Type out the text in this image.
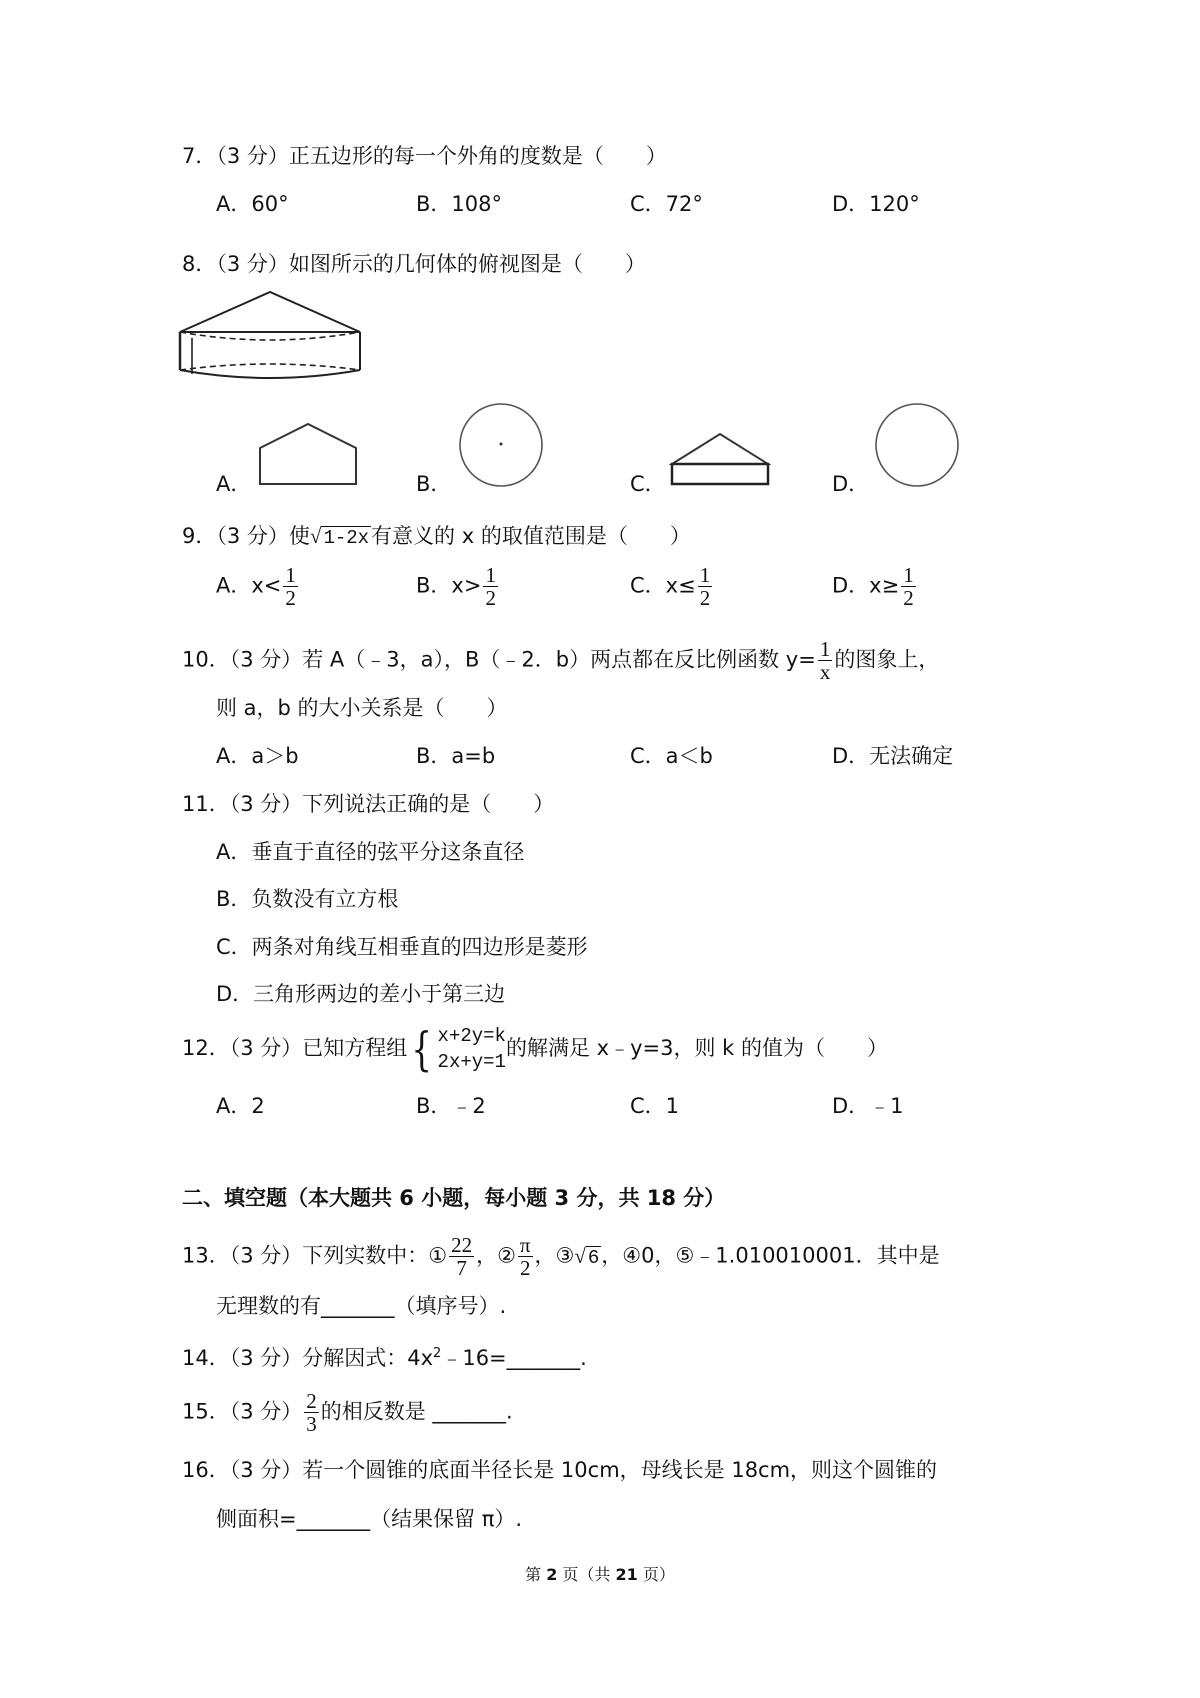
7．（3 分）正五边形的每一个外角的度数是（　　）
A．60°	B．108°	C．72°	D．120°
8．（3 分）如图所示的几何体的俯视图是（　　）
A．	B．	C．	D．
9．（3 分）使√ 1-2x有意义的 x 的取值范围是（　　）
A．$x< \frac{1}{2}$	B．$x> \frac{1}{2}$	C．$x\le \frac{1}{2}$	D．$x\ge \frac{1}{2}$
10．（3 分）若 A（﹣3，a），B（﹣2．b）两点都在反比例函数 $y= \frac{1}{x}$ 的图象上，
则 a，b 的大小关系是（　　）
A．a＞b	B．a=b	C．a＜b	D．无法确定
11．（3 分）下列说法正确的是（　　）
A．垂直于直径的弦平分这条直径
B．负数没有立方根
C．两条对角线互相垂直的四边形是菱形
D．三角形两边的差小于第三边
12．（3 分）已知方程组{ x+2y=k
2x+y=1
的解满足 x﹣y=3，则 k 的值为（　　）
A．2	B．﹣2	C．1	D．﹣1
二、填空题（本大题共 6 小题，每小题 3 分，共 18 分）
13．（3 分）下列实数中：① $\frac{22}{7}$ ，② $\frac{\pi}{2}$ ，③√ 6，④0，⑤﹣1.010010001．其中是
无理数的有_______（填序号）.
14．（3 分）分解因式：$4x^2﹣16=\_\_\_\_\_\_\_$.
15．（3 分） $\frac{2}{3}$ 的相反数是 _______.
16．（3 分）若一个圆锥的底面半径长是 10cm，母线长是 18cm，则这个圆锥的
侧面积=_______（结果保留 π）.
第 2 页（共 21 页）
